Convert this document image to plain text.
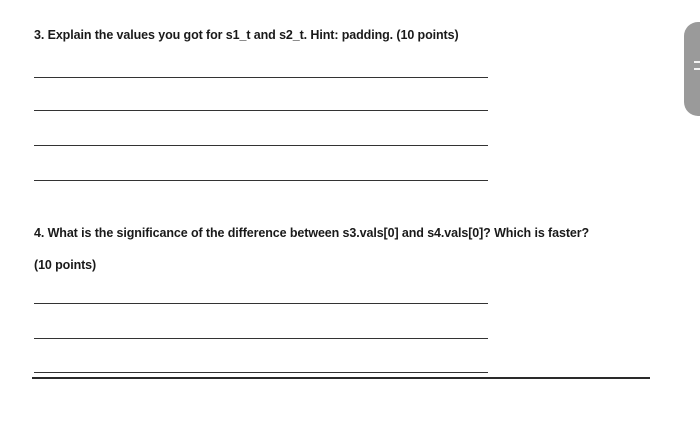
3. Explain the values you got for s1_t and s2_t. Hint: padding. (10 points)
4. What is the significance of the difference between s3.vals[0] and s4.vals[0]? Which is faster?
(10 points)
